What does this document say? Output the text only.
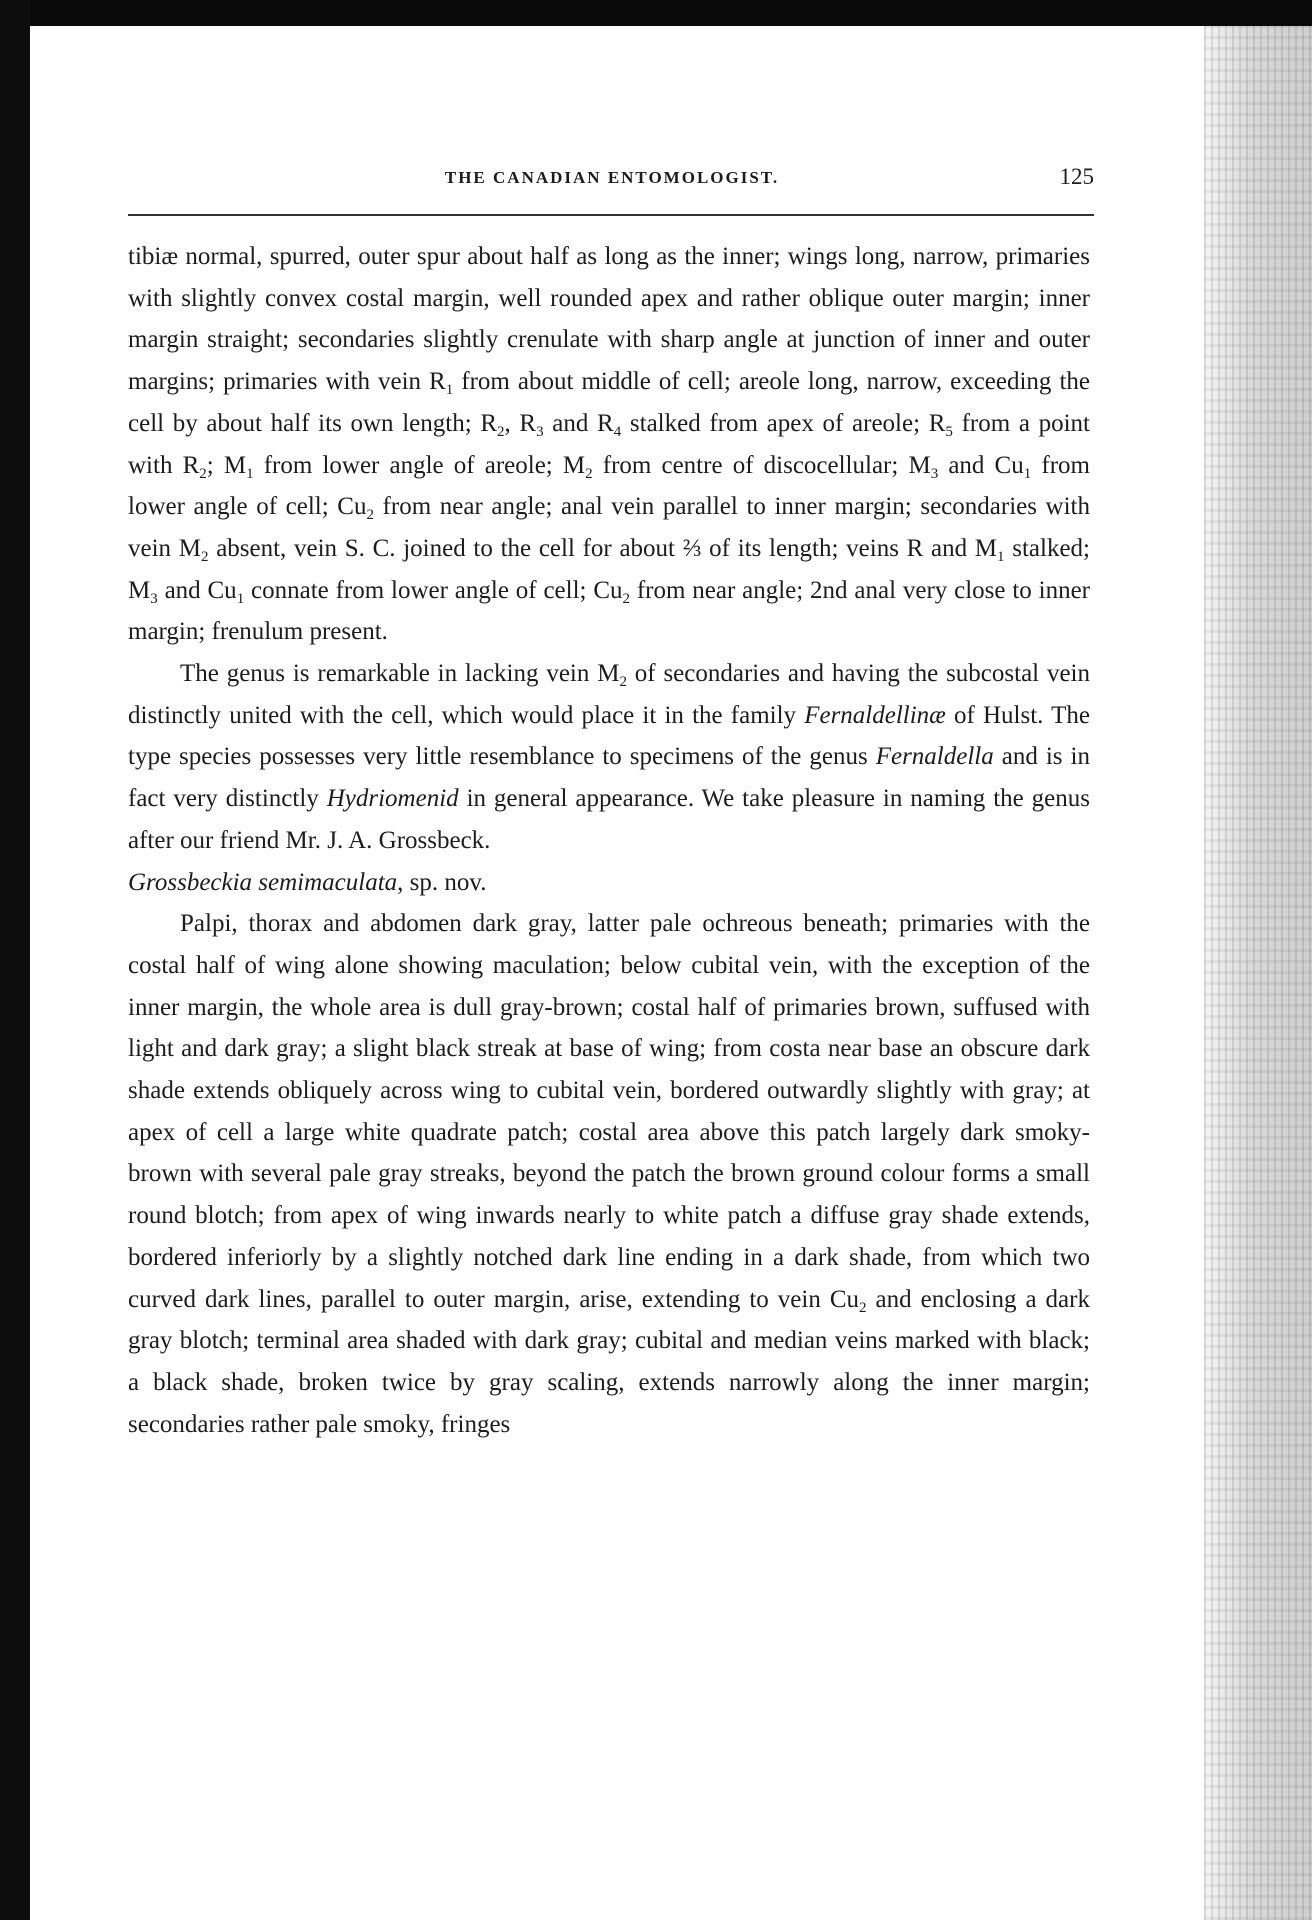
THE CANADIAN ENTOMOLOGIST.	125

tibiæ normal, spurred, outer spur about half as long as the inner; wings long, narrow, primaries with slightly convex costal margin, well rounded apex and rather oblique outer margin; inner margin straight; secondaries slightly crenulate with sharp angle at junction of inner and outer margins; primaries with vein $R_1$ from about middle of cell; areole long, narrow, exceeding the cell by about half its own length; $R_2$, $R_3$ and $R_4$ stalked from apex of areole; $R_5$ from a point with $R_2$; $M_1$ from lower angle of areole; $M_2$ from centre of discocellular; $M_3$ and $Cu_1$ from lower angle of cell; $Cu_2$ from near angle; anal vein parallel to inner margin; secondaries with vein $M_2$ absent, vein S. C. joined to the cell for about ⅔ of its length; veins R and $M_1$ stalked; $M_3$ and $Cu_1$ connate from lower angle of cell; $Cu_2$ from near angle; 2nd anal very close to inner margin; frenulum present.

The genus is remarkable in lacking vein $M_2$ of secondaries and having the subcostal vein distinctly united with the cell, which would place it in the family Fernaldellinæ of Hulst. The type species possesses very little resemblance to specimens of the genus Fernaldella and is in fact very distinctly Hydriomenid in general appearance. We take pleasure in naming the genus after our friend Mr. J. A. Grossbeck.

Grossbeckia semimaculata, sp. nov.

Palpi, thorax and abdomen dark gray, latter pale ochreous beneath; primaries with the costal half of wing alone showing maculation; below cubital vein, with the exception of the inner margin, the whole area is dull gray-brown; costal half of primaries brown, suffused with light and dark gray; a slight black streak at base of wing; from costa near base an obscure dark shade extends obliquely across wing to cubital vein, bordered outwardly slightly with gray; at apex of cell a large white quadrate patch; costal area above this patch largely dark smoky-brown with several pale gray streaks, beyond the patch the brown ground colour forms a small round blotch; from apex of wing inwards nearly to white patch a diffuse gray shade extends, bordered inferiorly by a slightly notched dark line ending in a dark shade, from which two curved dark lines, parallel to outer margin, arise, extending to vein $Cu_2$ and enclosing a dark gray blotch; terminal area shaded with dark gray; cubital and median veins marked with black; a black shade, broken twice by gray scaling, extends narrowly along the inner margin; secondaries rather pale smoky, fringes
